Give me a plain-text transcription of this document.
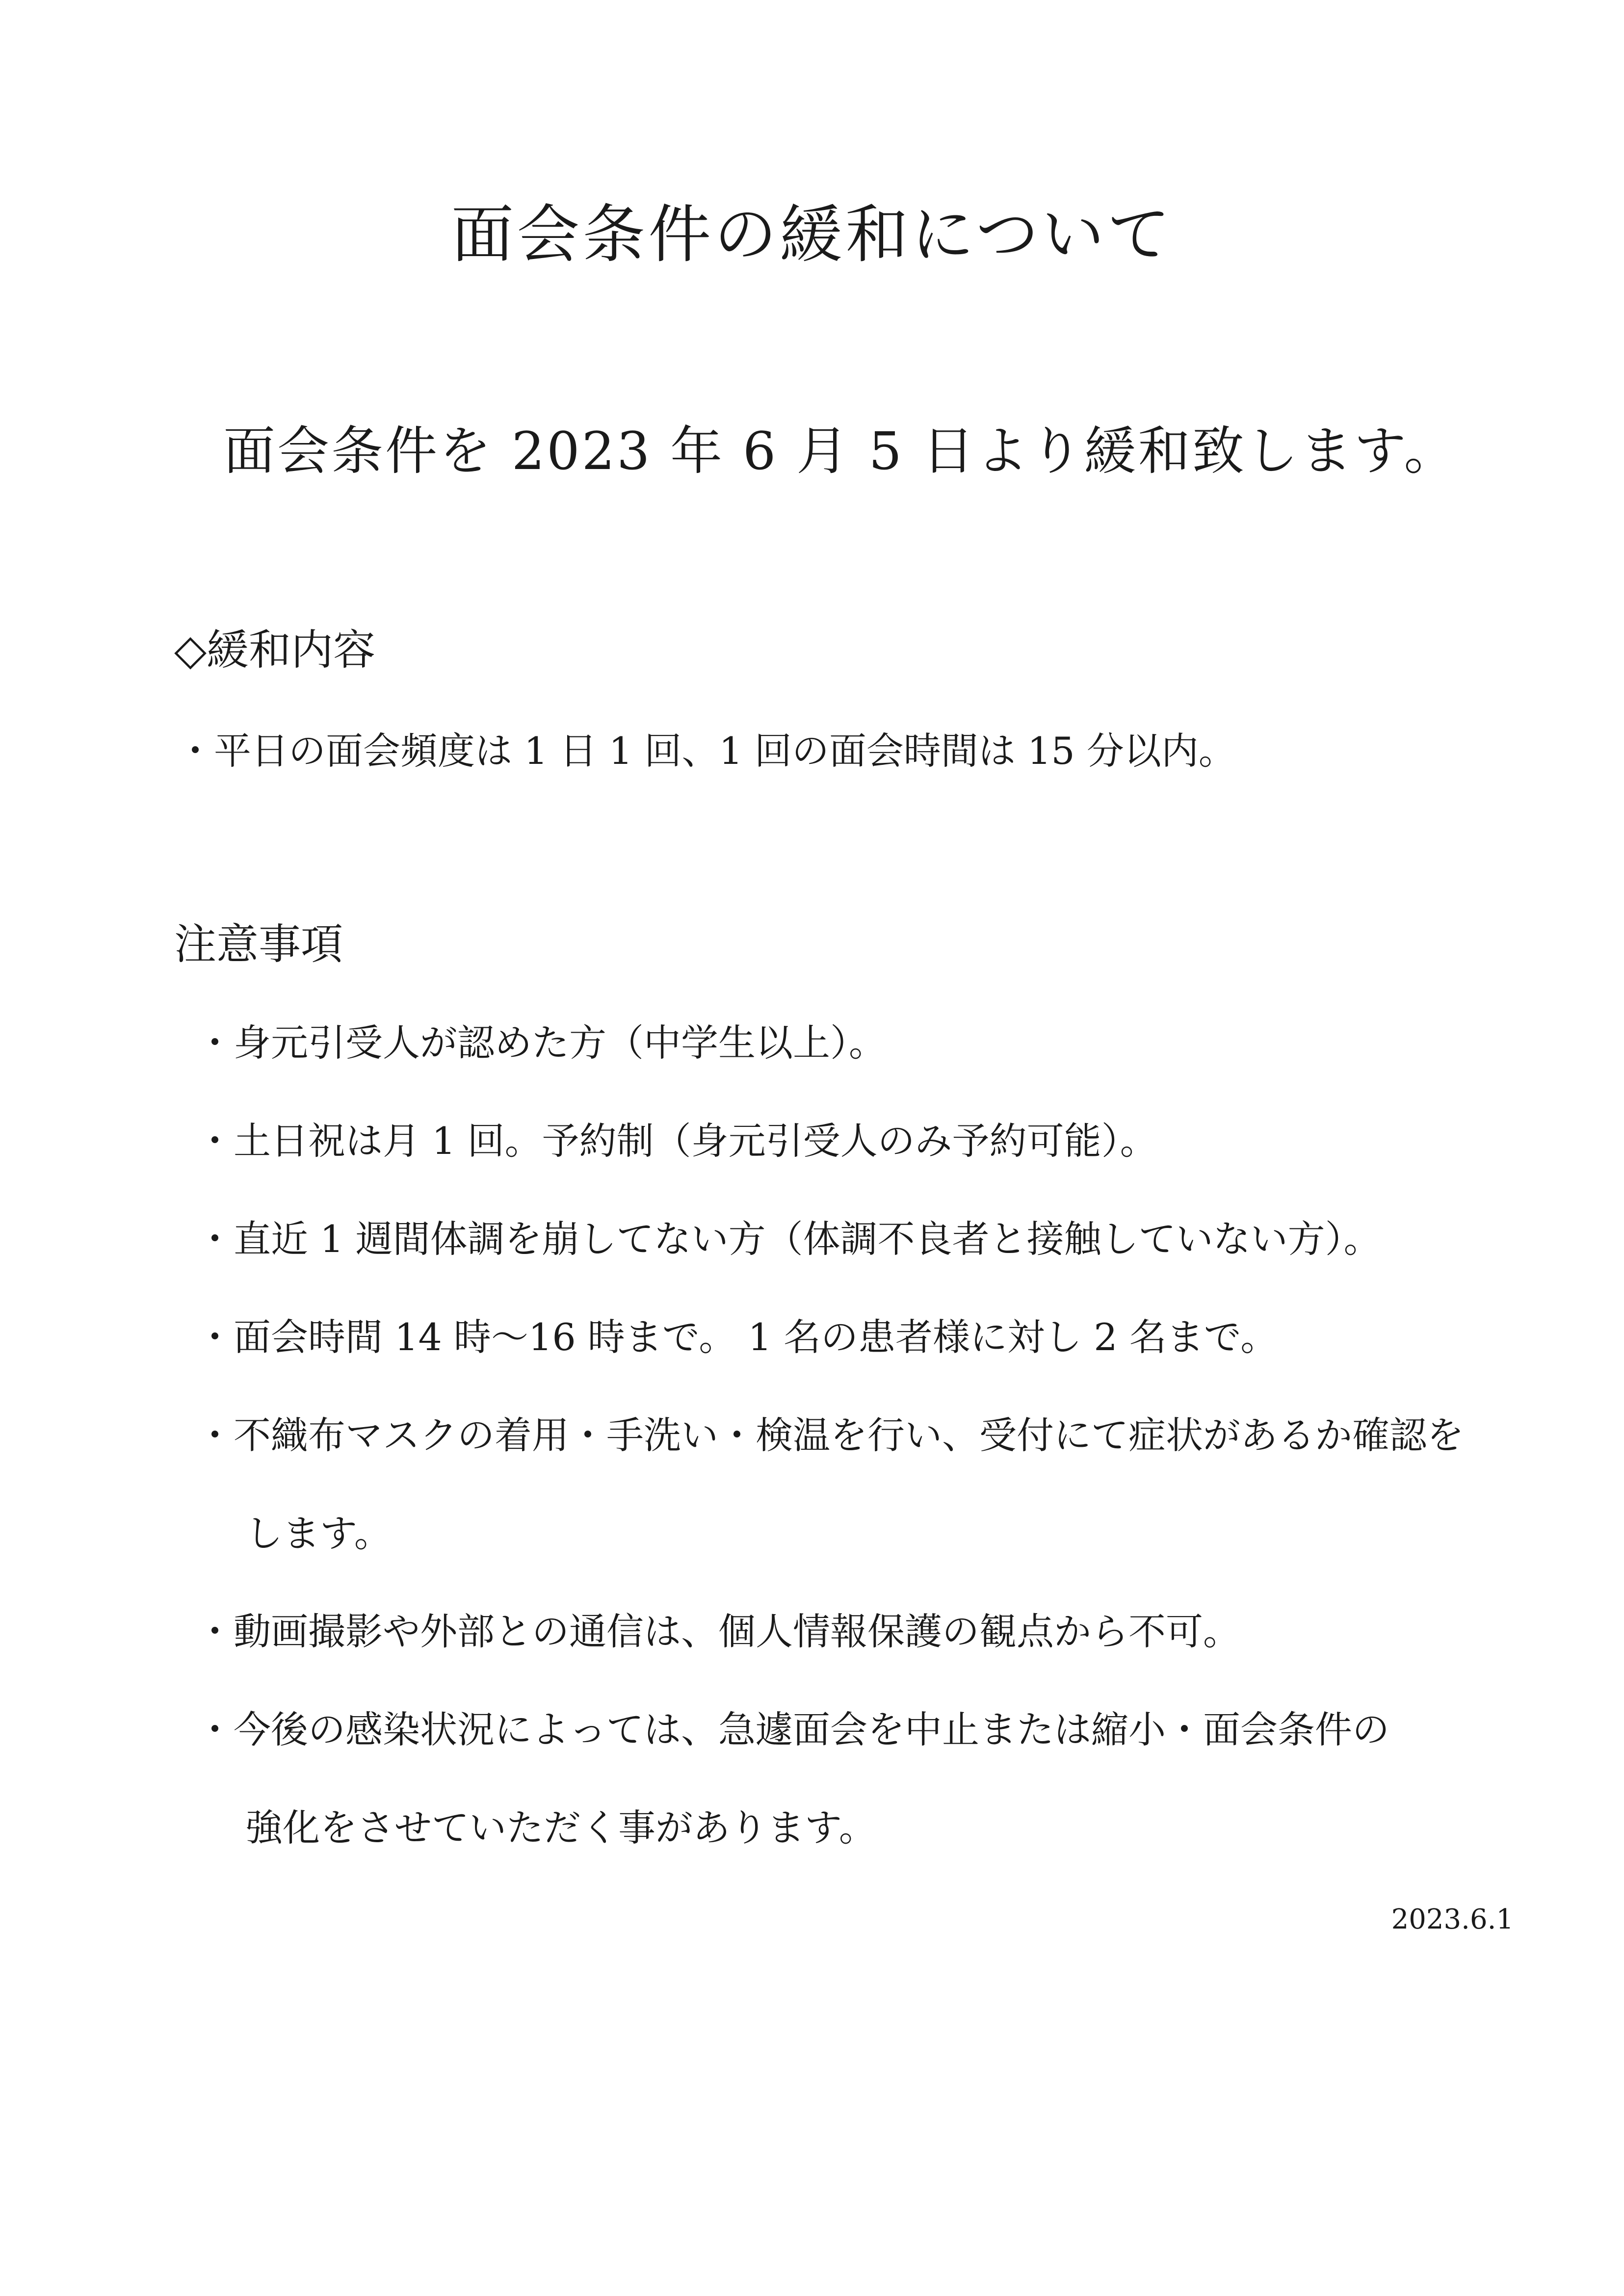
面会条件の緩和について
面会条件を 2023 年 6 月 5 日より緩和致します。
◇緩和内容
・平日の面会頻度は 1 日 1 回、1 回の面会時間は 15 分以内。
注意事項
・身元引受人が認めた方（中学生以上）。
・土日祝は月 1 回。予約制（身元引受人のみ予約可能）。
・直近 1 週間体調を崩してない方（体調不良者と接触していない方）。
・面会時間 14 時～16 時まで。 1 名の患者様に対し 2 名まで。
・不織布マスクの着用・手洗い・検温を行い、受付にて症状があるか確認を
します。
・動画撮影や外部との通信は、個人情報保護の観点から不可。
・今後の感染状況によっては、急遽面会を中止または縮小・面会条件の
強化をさせていただく事があります。
2023.6.1
